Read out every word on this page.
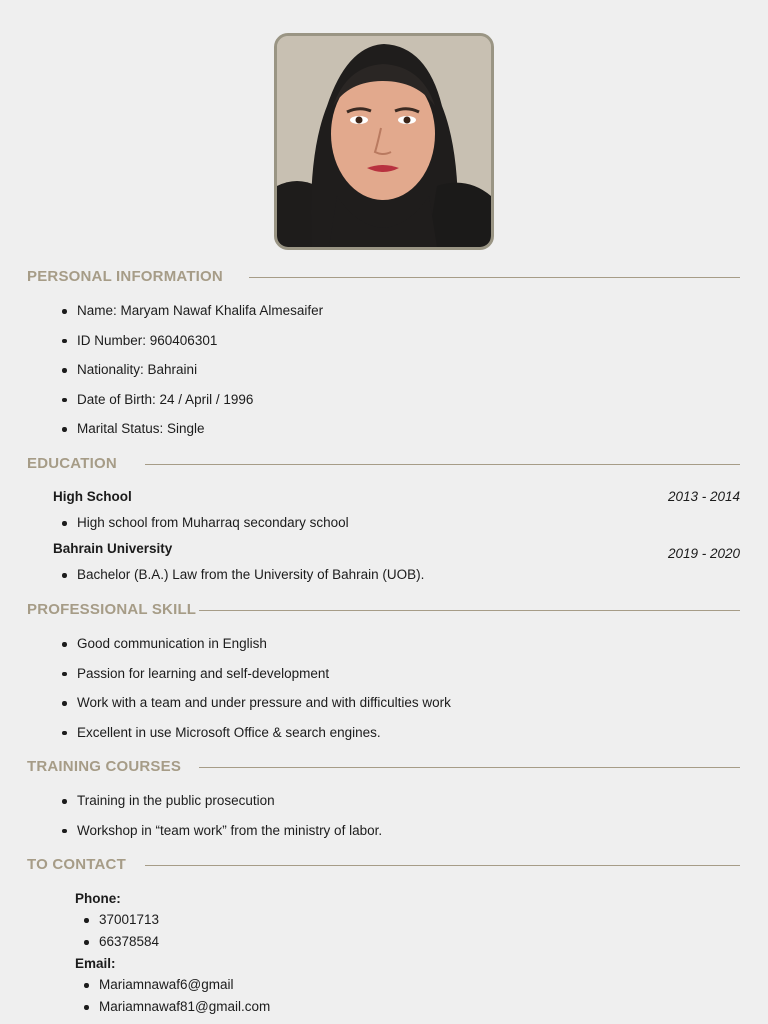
PERSONAL INFORMATION
Name: Maryam Nawaf Khalifa Almesaifer
ID Number: 960406301
Nationality: Bahraini
Date of Birth: 24 / April / 1996
Marital Status: Single
EDUCATION
High School	2013 - 2014
High school from Muharraq secondary school
Bahrain University	2019 - 2020
Bachelor (B.A.) Law from the University of Bahrain (UOB).
PROFESSIONAL SKILL
Good communication in English
Passion for learning and self-development
Work with a team and under pressure and with difficulties work
Excellent in use Microsoft Office & search engines.
TRAINING COURSES
Training in the public prosecution
Workshop in “team work” from the ministry of labor.
TO CONTACT
Phone:
37001713
66378584
Email:
Mariamnawaf6@gmail
Mariamnawaf81@gmail.com
